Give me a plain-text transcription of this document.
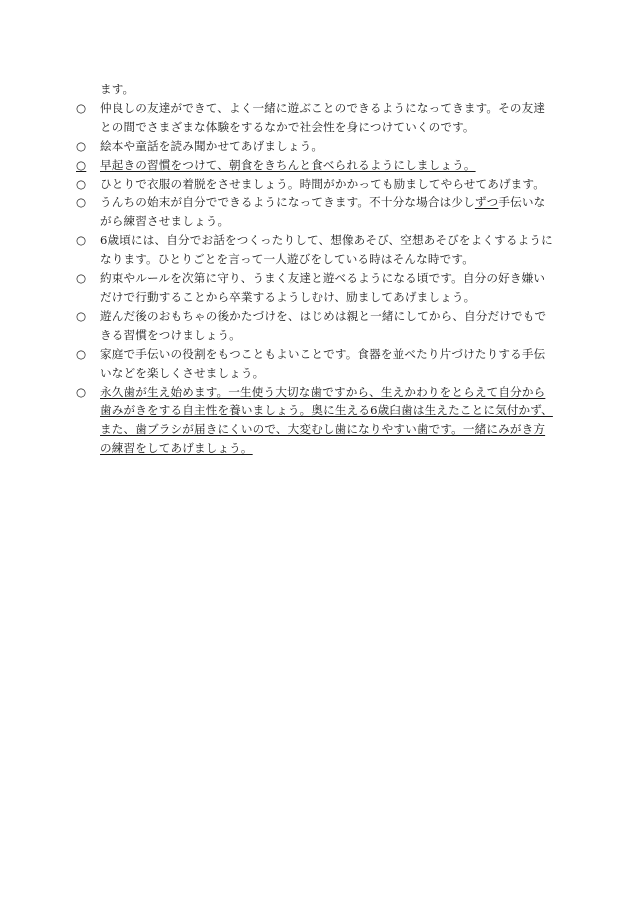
ます。
○	仲良しの友達ができて、よく一緒に遊ぶことのできるようになってきます。その友達との間でさまざまな体験をするなかで社会性を身につけていくのです。
○	絵本や童話を読み聞かせてあげましょう。
○	早起きの習慣をつけて、朝食をきちんと食べられるようにしましょう。
○	ひとりで衣服の着脱をさせましょう。時間がかかっても励ましてやらせてあげます。
○	うんちの始末が自分でできるようになってきます。不十分な場合は少しずつ手伝いながら練習させましょう。
○	6歳頃には、自分でお話をつくったりして、想像あそび、空想あそびをよくするようになります。ひとりごとを言って一人遊びをしている時はそんな時です。
○	約束やルールを次第に守り、うまく友達と遊べるようになる頃です。自分の好き嫌いだけで行動することから卒業するようしむけ、励ましてあげましょう。
○	遊んだ後のおもちゃの後かたづけを、はじめは親と一緒にしてから、自分だけでもできる習慣をつけましょう。
○	家庭で手伝いの役割をもつこともよいことです。食器を並べたり片づけたりする手伝いなどを楽しくさせましょう。
○	永久歯が生え始めます。一生使う大切な歯ですから、生えかわりをとらえて自分から歯みがきをする自主性を養いましょう。奥に生える6歳臼歯は生えたことに気付かず、また、歯ブラシが届きにくいので、大変むし歯になりやすい歯です。一緒にみがき方の練習をしてあげましょう。
